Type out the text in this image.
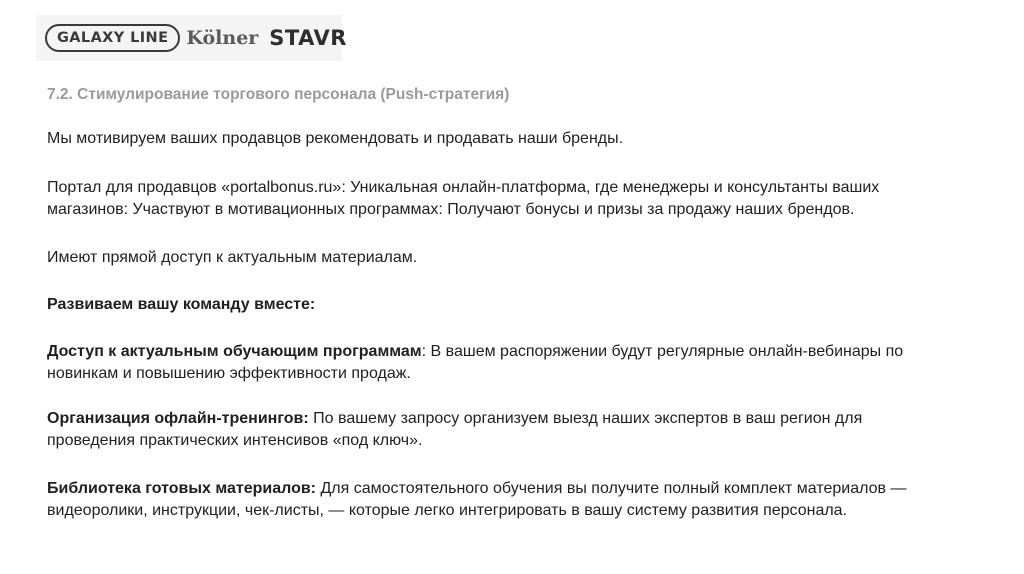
GALAXY LINE Kölner STAVR

7.2. Стимулирование торгового персонала (Push-стратегия)

Мы мотивируем ваших продавцов рекомендовать и продавать наши бренды.

Портал для продавцов «portalbonus.ru»: Уникальная онлайн-платформа, где менеджеры и консультанты ваших
магазинов: Участвуют в мотивационных программах: Получают бонусы и призы за продажу наших брендов.

Имеют прямой доступ к актуальным материалам.

Развиваем вашу команду вместе:

Доступ к актуальным обучающим программам: В вашем распоряжении будут регулярные онлайн-вебинары по
новинкам и повышению эффективности продаж.
Организация офлайн-тренингов: По вашему запросу организуем выезд наших экспертов в ваш регион для
проведения практических интенсивов «под ключ».
Библиотека готовых материалов: Для самостоятельного обучения вы получите полный комплект материалов —
видеоролики, инструкции, чек-листы, — которые легко интегрировать в вашу систему развития персонала.
